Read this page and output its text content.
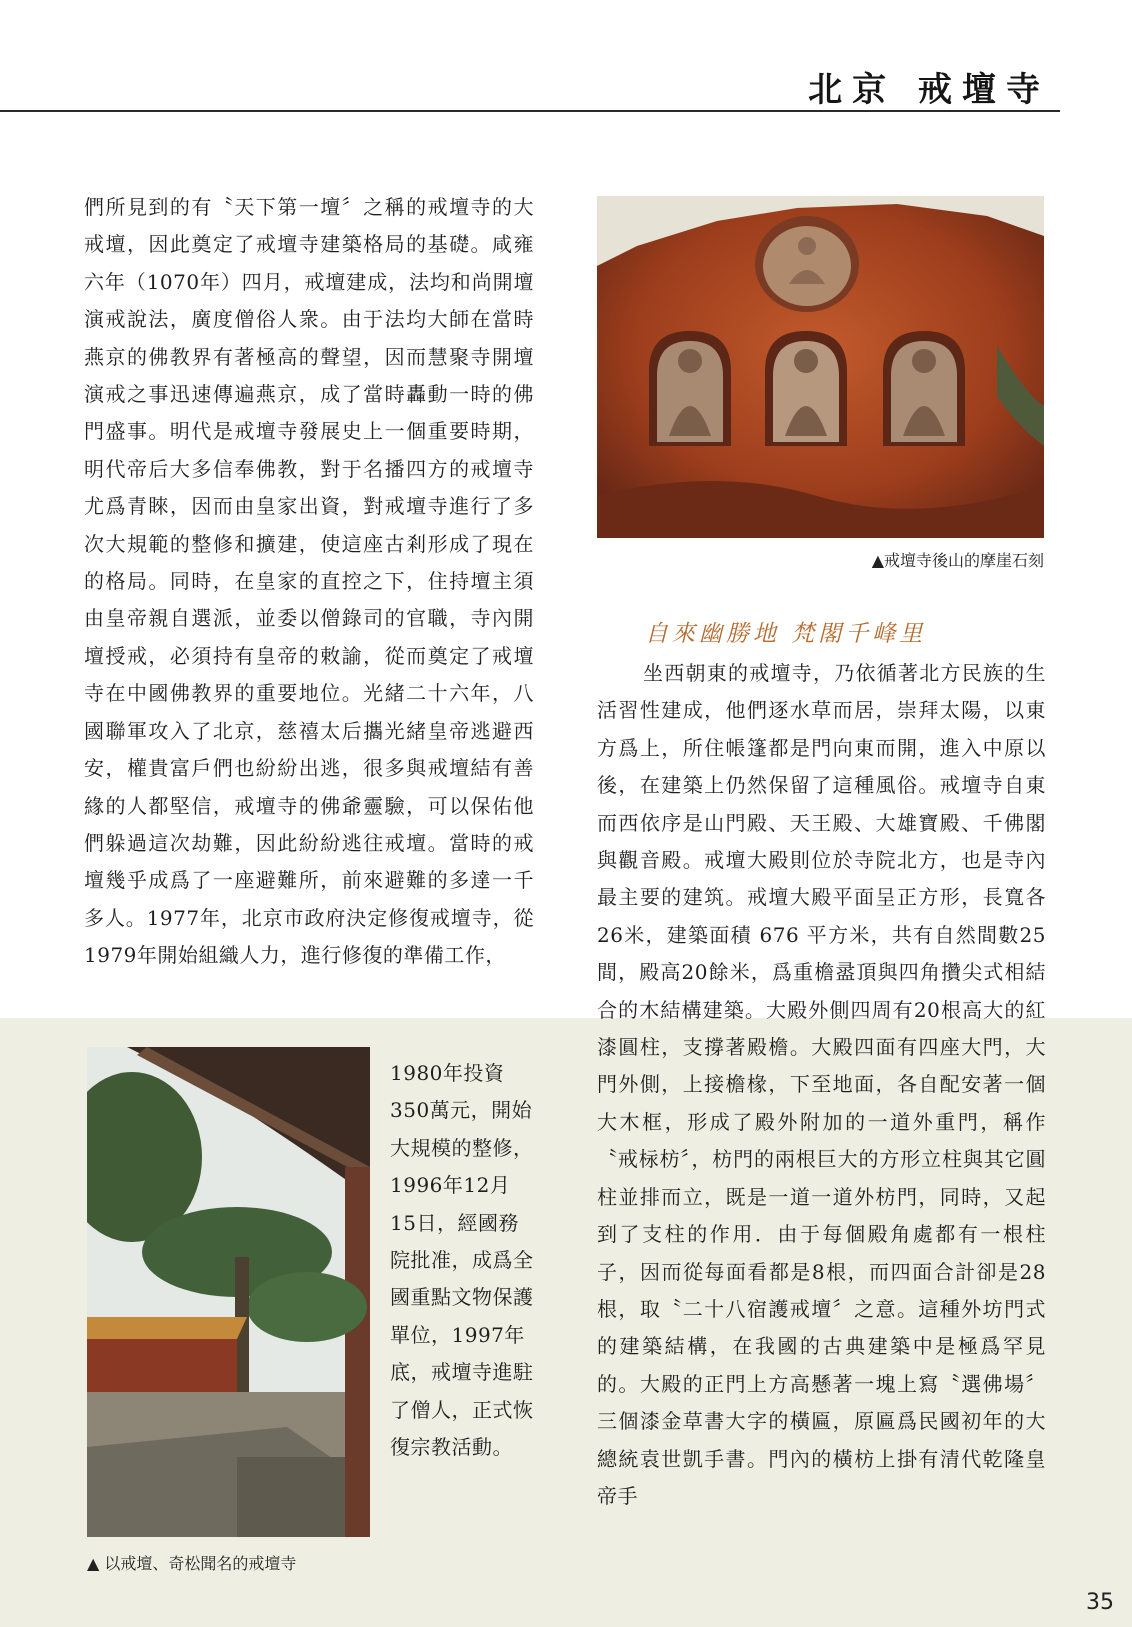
北京 戒壇寺

們所見到的有〝天下第一壇〞之稱的戒壇寺的大戒壇，因此奠定了戒壇寺建築格局的基礎。咸雍六年（1070年）四月，戒壇建成，法均和尚開壇演戒說法，廣度僧俗人衆。由于法均大師在當時燕京的佛教界有著極高的聲望，因而慧聚寺開壇演戒之事迅速傳遍燕京，成了當時轟動一時的佛門盛事。明代是戒壇寺發展史上一個重要時期，明代帝后大多信奉佛教，對于名播四方的戒壇寺尤爲青睞，因而由皇家出資，對戒壇寺進行了多次大規範的整修和擴建，使這座古剎形成了現在的格局。同時，在皇家的直控之下，住持壇主須由皇帝親自選派，並委以僧錄司的官職，寺內開壇授戒，必須持有皇帝的敕諭，從而奠定了戒壇寺在中國佛教界的重要地位。光緒二十六年，八國聯軍攻入了北京，慈禧太后攜光緒皇帝逃避西安，權貴富戶們也紛紛出逃，很多與戒壇結有善緣的人都堅信，戒壇寺的佛爺靈驗，可以保佑他們躲過這次劫難，因此紛紛逃往戒壇。當時的戒壇幾乎成爲了一座避難所，前來避難的多達一千多人。1977年，北京市政府決定修復戒壇寺，從1979年開始組織人力，進行修復的準備工作，

▲戒壇寺後山的摩崖石刻
自來幽勝地 梵閣千峰里

坐西朝東的戒壇寺，乃依循著北方民族的生活習性建成，他們逐水草而居，崇拜太陽，以東方爲上，所住帳篷都是門向東而開，進入中原以後，在建築上仍然保留了這種風俗。戒壇寺自東而西依序是山門殿、天王殿、大雄寶殿、千佛閣與觀音殿。戒壇大殿則位於寺院北方，也是寺內最主要的建筑。戒壇大殿平面呈正方形，長寬各 26米，建築面積 676 平方米，共有自然間數25間，殿高20餘米，爲重檐盝頂與四角攢尖式相結合的木結構建築。大殿外側四周有20根高大的紅漆圓柱，支撐著殿檐。大殿四面有四座大門，大門外側，上接檐椽，下至地面，各自配安著一個大木框，形成了殿外附加的一道外重門，稱作〝戒柡枋〞，枋門的兩根巨大的方形立柱與其它圓柱並排而立，既是一道一道外枋門，同時，又起到了支柱的作用．由于每個殿角處都有一根柱子，因而從每面看都是8根，而四面合計卻是28根，取〝二十八宿護戒壇〞之意。這種外坊門式的建築結構，在我國的古典建築中是極爲罕見的。大殿的正門上方高懸著一塊上寫〝選佛場〞三個漆金草書大字的橫匾，原匾爲民國初年的大總統袁世凱手書。門內的橫枋上掛有清代乾隆皇帝手

▲ 以戒壇、奇松聞名的戒壇寺

1980年投資350萬元，開始大規模的整修，1996年12月15日，經國務院批准，成爲全國重點文物保護單位，1997年底，戒壇寺進駐了僧人，正式恢復宗教活動。

35
